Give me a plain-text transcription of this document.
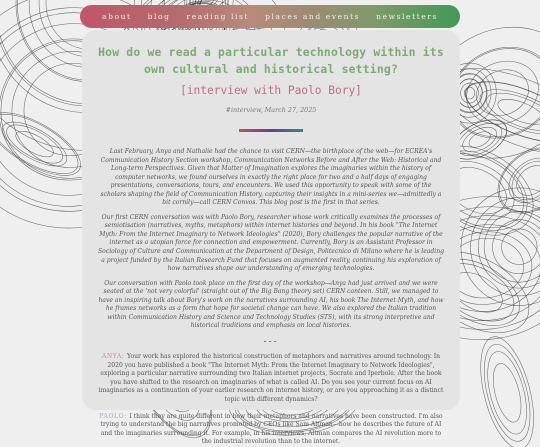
about blog reading list places and events newsletters
How do we read a particular technology within its own cultural and historical setting?
[interview with Paolo Bory]
#interview, March 27, 2025

Last February, Anya and Nathalie had the chance to visit CERN—the birthplace of the web—for ECREA's Communication History Section workshop, Communication Networks Before and After the Web: Historical and Long-term Perspectives. Given that Matter of Imagination explores the imaginaries within the history of computer networks, we found ourselves in exactly the right place for two and a half days of engaging presentations, conversations, tours, and encounters. We used this opportunity to speak with some of the scholars shaping the field of Communication History, capturing their insights in a mini-series we—admittedly a bit cornily—call CERN Convos. This blog post is the first in that series.

Our first CERN conversation was with Paolo Bory, researcher whose work critically examines the processes of semiotisation (narratives, myths, metaphors) within internet histories and beyond. In his book "The Internet Myth: From the Internet Imaginary to Network Ideologies" (2020), Bory challenges the popular narrative of the internet as a utopian force for connection and empowerment. Currently, Bory is an Assistant Professor in Sociology of Culture and Communication at the Department of Design, Politecnico di Milano where he is leading a project funded by the Italian Research Fund that focuses on augmented reality, continuing his exploration of how narratives shape our understanding of emerging technologies.

Our conversation with Paolo took place on the first day of the workshop—Anya had just arrived and we were seated at the 'not very colorful' (straight out of the Big Bang theory set) CERN canteen. Still, we managed to have an inspiring talk about Bory's work on the narratives surrounding AI, his book The Internet Myth, and how he frames networks as a form that hope for societal change can have. We also explored the Italian tradition within Communication History and Science and Technology Studies (STS), with its strong interpretive and historical traditions and emphasis on local histories.

---

ANYA: Your work has explored the historical construction of metaphors and narratives around technology. In 2020 you have published a book "The Internet Myth: From the Internet Imaginary to Network Ideologies", exploring a particular narrative surrounding two Italian internet projects, Socrate and Iperbole. After the book you have shifted to the research on imaginaries of what is called AI. Do you see your current focus on AI imaginaries as a continuation of your earlier research on internet history, or are you approaching it as a distinct topic with different dynamics?

PAOLO: I think they are quite different in how their metaphors and narratives have been constructed. I'm also trying to understand the big narratives promoted by CEOs like Sam Altman—how he describes the future of AI and the imaginaries surrounding it. For example, in his interviews, Altman compares the AI revolution more to the industrial revolution than to the internet.
